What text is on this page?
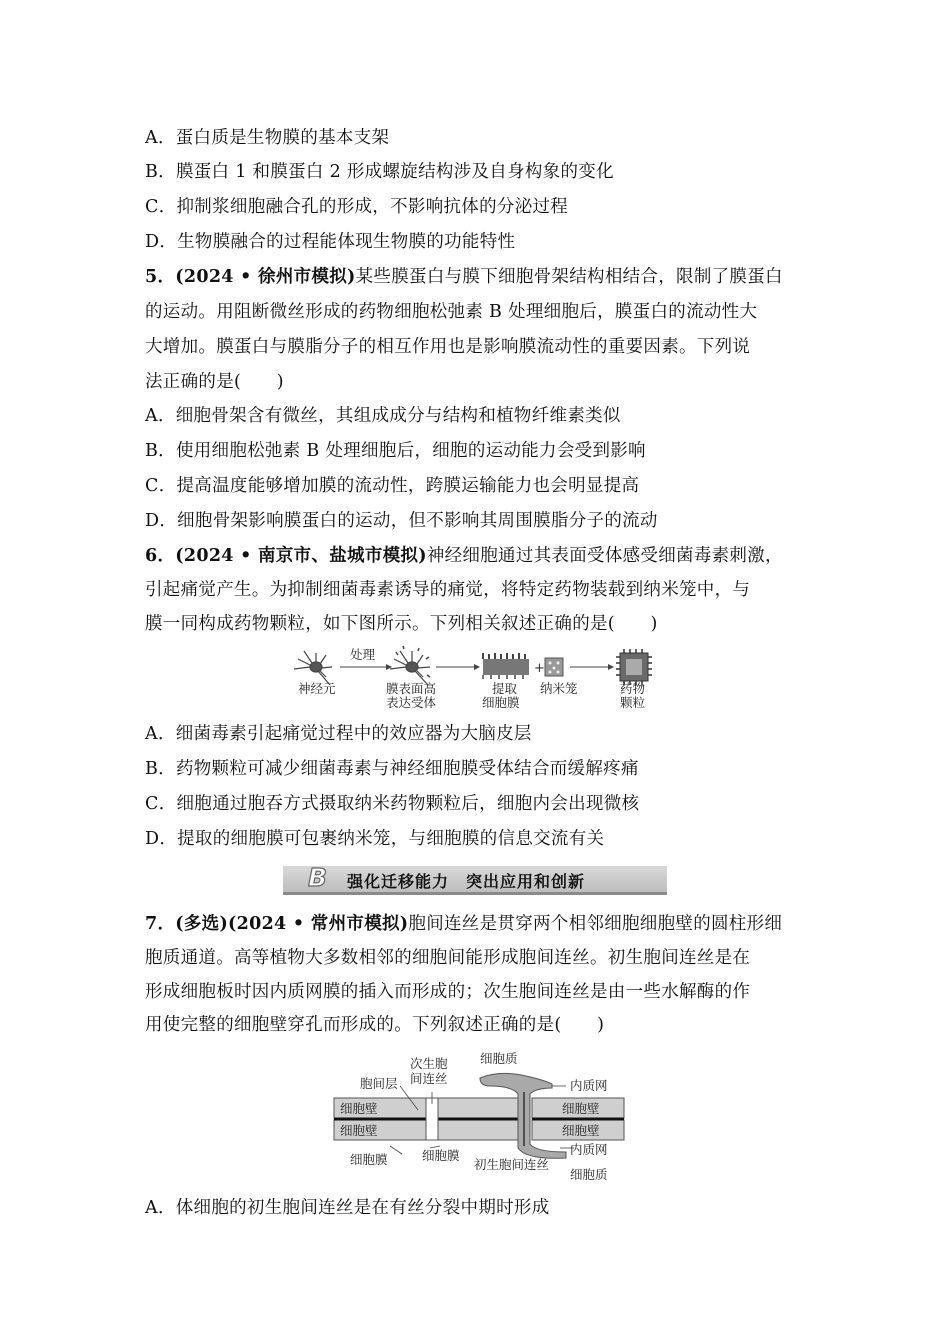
A．蛋白质是生物膜的基本支架
B．膜蛋白 1 和膜蛋白 2 形成螺旋结构涉及自身构象的变化
C．抑制浆细胞融合孔的形成，不影响抗体的分泌过程
D．生物膜融合的过程能体现生物膜的功能特性
5．(2024 • 徐州市模拟)某些膜蛋白与膜下细胞骨架结构相结合，限制了膜蛋白
的运动。用阻断微丝形成的药物细胞松弛素 B 处理细胞后，膜蛋白的流动性大
大增加。膜蛋白与膜脂分子的相互作用也是影响膜流动性的重要因素。下列说
法正确的是(　　)
A．细胞骨架含有微丝，其组成成分与结构和植物纤维素类似
B．使用细胞松弛素 B 处理细胞后，细胞的运动能力会受到影响
C．提高温度能够增加膜的流动性，跨膜运输能力也会明显提高
D．细胞骨架影响膜蛋白的运动，但不影响其周围膜脂分子的流动
6．(2024 • 南京市、盐城市模拟)神经细胞通过其表面受体感受细菌毒素刺激，
引起痛觉产生。为抑制细菌毒素诱导的痛觉，将特定药物装载到纳米笼中，与
膜一同构成药物颗粒，如下图所示。下列相关叙述正确的是(　　)
处理
+
神经元	膜表面高
表达受体
提取
细胞膜
纳米笼	药物
颗粒
A．细菌毒素引起痛觉过程中的效应器为大脑皮层
B．药物颗粒可减少细菌毒素与神经细胞膜受体结合而缓解疼痛
C．细胞通过胞吞方式摄取纳米药物颗粒后，细胞内会出现微核
D．提取的细胞膜可包裹纳米笼，与细胞膜的信息交流有关
B 强化迁移能力　突出应用和创新
7．(多选)(2024 • 常州市模拟)胞间连丝是贯穿两个相邻细胞细胞壁的圆柱形细
胞质通道。高等植物大多数相邻的细胞间能形成胞间连丝。初生胞间连丝是在
形成细胞板时因内质网膜的插入而形成的；次生胞间连丝是由一些水解酶的作
用使完整的细胞壁穿孔而形成的。下列叙述正确的是(　　)
次生胞
间连丝
细胞质
胞间层	内质网
细胞壁
细胞壁
细胞壁
细胞壁
内质网
细胞膜	细胞膜
初生胞间连丝
细胞质
A．体细胞的初生胞间连丝是在有丝分裂中期时形成
